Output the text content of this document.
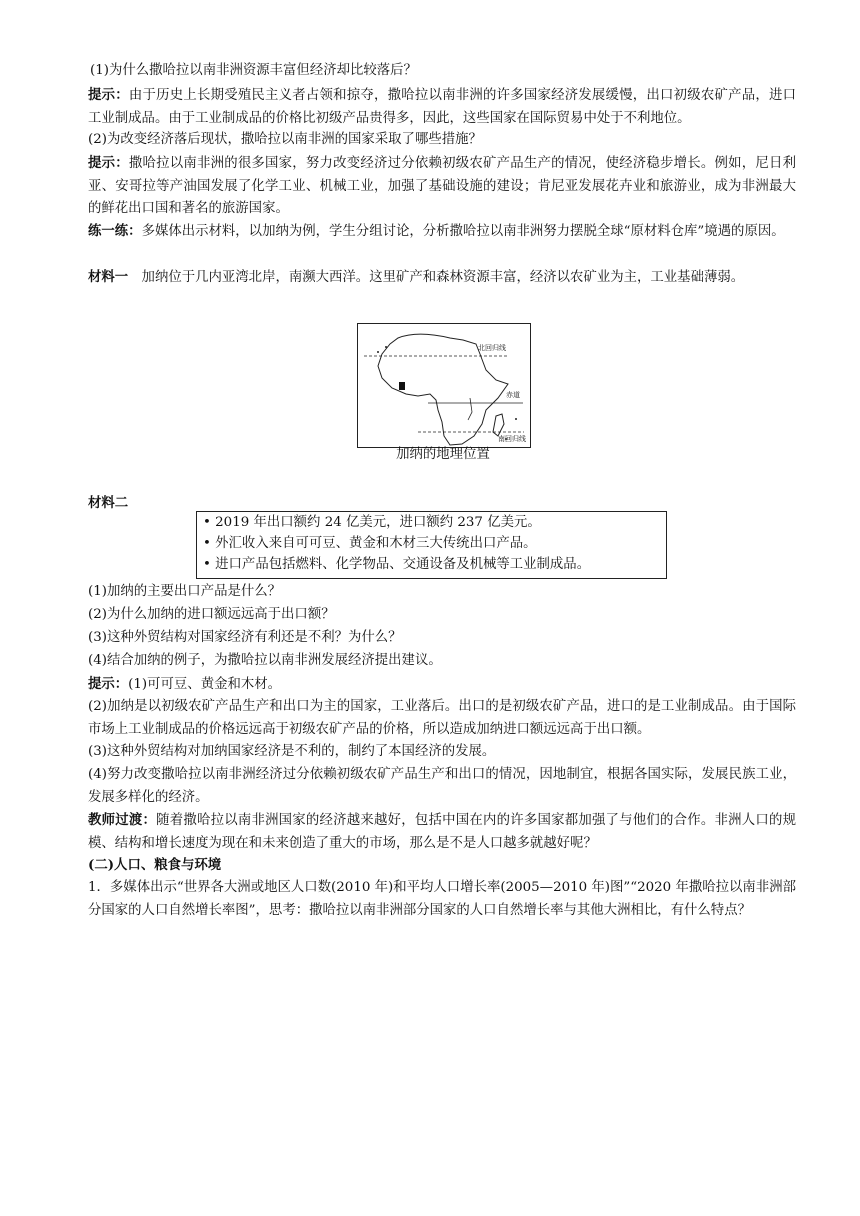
(1)为什么撒哈拉以南非洲资源丰富但经济却比较落后？

提示：由于历史上长期受殖民主义者占领和掠夺，撒哈拉以南非洲的许多国家经济发展缓慢，出口初级农矿产品，进口工业制成品。由于工业制成品的价格比初级产品贵得多，因此，这些国家在国际贸易中处于不利地位。

(2)为改变经济落后现状，撒哈拉以南非洲的国家采取了哪些措施？

提示：撒哈拉以南非洲的很多国家，努力改变经济过分依赖初级农矿产品生产的情况，使经济稳步增长。例如，尼日利亚、安哥拉等产油国发展了化学工业、机械工业，加强了基础设施的建设；肯尼亚发展花卉业和旅游业，成为非洲最大的鲜花出口国和著名的旅游国家。

练一练：多媒体出示材料，以加纳为例，学生分组讨论，分析撒哈拉以南非洲努力摆脱全球“原材料仓库”境遇的原因。

材料一　加纳位于几内亚湾北岸，南濒大西洋。这里矿产和森林资源丰富，经济以农矿业为主，工业基础薄弱。

北回归线
赤道
南回归线
加纳的地理位置
材料二
• 2019 年出口额约 24 亿美元，进口额约 237 亿美元。
• 外汇收入来自可可豆、黄金和木材三大传统出口产品。
• 进口产品包括燃料、化学物品、交通设备及机械等工业制成品。

(1)加纳的主要出口产品是什么？

(2)为什么加纳的进口额远远高于出口额？

(3)这种外贸结构对国家经济有利还是不利？为什么？

(4)结合加纳的例子，为撒哈拉以南非洲发展经济提出建议。

提示：(1)可可豆、黄金和木材。

(2)加纳是以初级农矿产品生产和出口为主的国家，工业落后。出口的是初级农矿产品，进口的是工业制成品。由于国际市场上工业制成品的价格远远高于初级农矿产品的价格，所以造成加纳进口额远远高于出口额。

(3)这种外贸结构对加纳国家经济是不利的，制约了本国经济的发展。

(4)努力改变撒哈拉以南非洲经济过分依赖初级农矿产品生产和出口的情况，因地制宜，根据各国实际，发展民族工业，发展多样化的经济。

教师过渡：随着撒哈拉以南非洲国家的经济越来越好，包括中国在内的许多国家都加强了与他们的合作。非洲人口的规模、结构和增长速度为现在和未来创造了重大的市场，那么是不是人口越多就越好呢？

(二)人口、粮食与环境

1．多媒体出示“世界各大洲或地区人口数(2010 年)和平均人口增长率(2005—2010 年)图”“2020 年撒哈拉以南非洲部分国家的人口自然增长率图”，思考：撒哈拉以南非洲部分国家的人口自然增长率与其他大洲相比，有什么特点？
